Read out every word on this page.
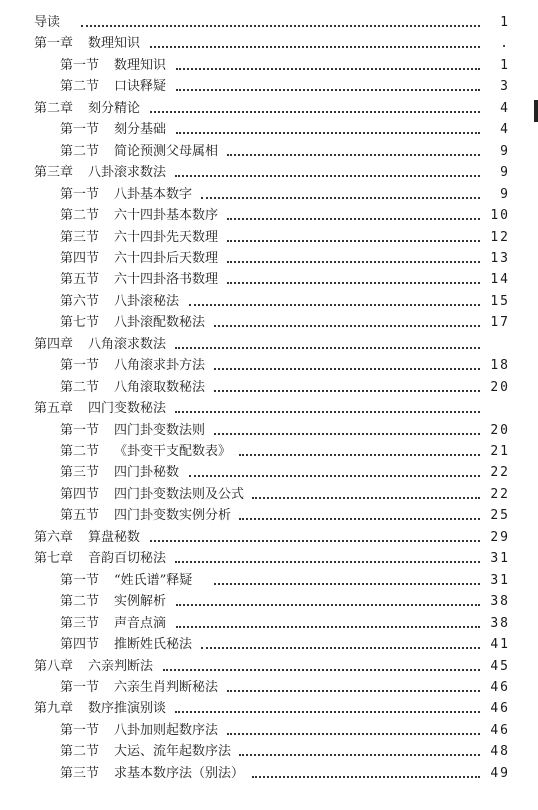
导读	1
第一章 数理知识	.
第一节 数理知识	1
第二节 口诀释疑	3
第二章 刻分精论	4
第一节 刻分基础	4
第二节 简论预测父母属相	9
第三章 八卦滚求数法	9
第一节 八卦基本数字	9
第二节 六十四卦基本数序	10
第三节 六十四卦先天数理	12
第四节 六十四卦后天数理	13
第五节 六十四卦洛书数理	14
第六节 八卦滚秘法	15
第七节 八卦滚配数秘法	17
第四章 八角滚求数法
第一节 八角滚求卦方法	18
第二节 八角滚取数秘法	20
第五章 四门变数秘法
第一节 四门卦变数法则	20
第二节 《卦变干支配数表》	21
第三节 四门卦秘数	22
第四节 四门卦变数法则及公式	22
第五节 四门卦变数实例分析	25
第六章 算盘秘数	29
第七章 音韵百切秘法	31
第一节 “姓氏谱”释疑	31
第二节 实例解析	38
第三节 声音点滴	38
第四节 推断姓氏秘法	41
第八章 六亲判断法	45
第一节 六亲生肖判断秘法	46
第九章 数序推演别谈	46
第一节 八卦加则起数序法	46
第二节 大运、流年起数序法	48
第三节 求基本数序法（别法）	49
